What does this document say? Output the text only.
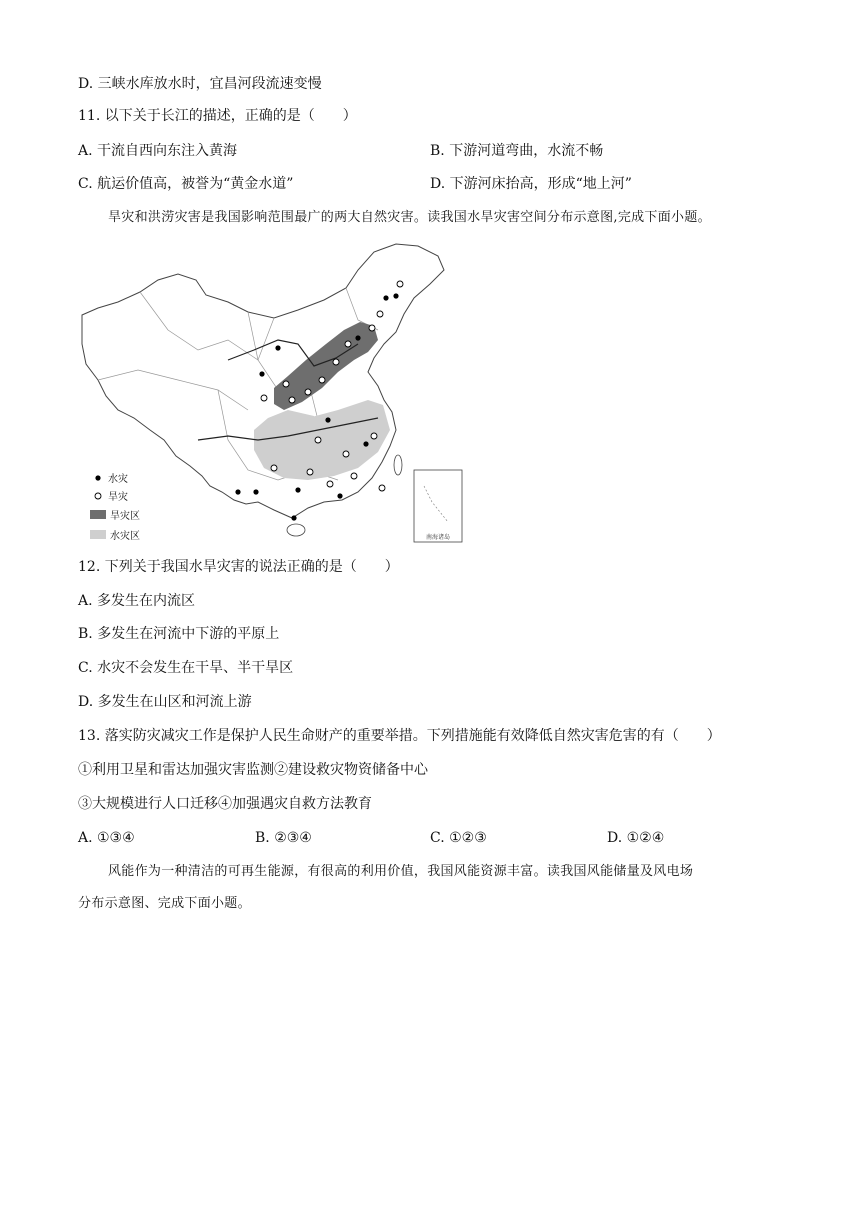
D. 三峡水库放水时，宜昌河段流速变慢
11. 以下关于长江的描述，正确的是（　　）
A. 干流自西向东注入黄海	B. 下游河道弯曲，水流不畅
C. 航运价值高，被誉为“黄金水道”	D. 下游河床抬高，形成“地上河”
旱灾和洪涝灾害是我国影响范围最广的两大自然灾害。读我国水旱灾害空间分布示意图,完成下面小题。
南海诸岛
水灾
旱灾
旱灾区
水灾区
12. 下列关于我国水旱灾害的说法正确的是（　　）
A. 多发生在内流区
B. 多发生在河流中下游的平原上
C. 水灾不会发生在干旱、半干旱区
D. 多发生在山区和河流上游
13. 落实防灾减灾工作是保护人民生命财产的重要举措。下列措施能有效降低自然灾害危害的有（　　）
①利用卫星和雷达加强灾害监测②建设救灾物资储备中心
③大规模进行人口迁移④加强遇灾自救方法教育
A. ①③④	B. ②③④	C. ①②③	D. ①②④
风能作为一种清洁的可再生能源，有很高的利用价值，我国风能资源丰富。读我国风能储量及风电场
分布示意图、完成下面小题。
